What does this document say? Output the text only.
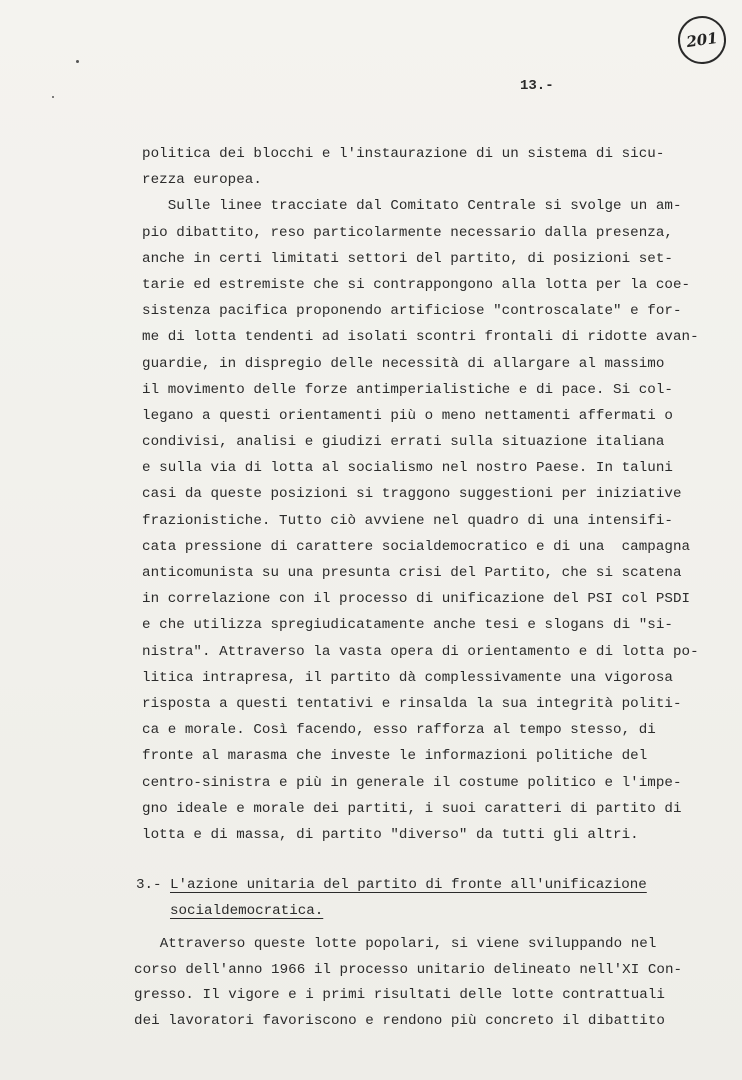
201
13.-
politica dei blocchi e l'instaurazione di un sistema di sicu-
rezza europea.
Sulle linee tracciate dal Comitato Centrale si svolge un am-
pio dibattito, reso particolarmente necessario dalla presenza,
anche in certi limitati settori del partito, di posizioni set-
tarie ed estremiste che si contrappongono alla lotta per la coe-
sistenza pacifica proponendo artificiose "controscalate" e for-
me di lotta tendenti ad isolati scontri frontali di ridotte avan-
guardie, in dispregio delle necessità di allargare al massimo
il movimento delle forze antimperialistiche e di pace. Si col-
legano a questi orientamenti più o meno nettamenti affermati o
condivisi, analisi e giudizi errati sulla situazione italiana
e sulla via di lotta al socialismo nel nostro Paese. In taluni
casi da queste posizioni si traggono suggestioni per iniziative
frazionistiche. Tutto ciò avviene nel quadro di una intensifi-
cata pressione di carattere socialdemocratico e di una  campagna
anticomunista su una presunta crisi del Partito, che si scatena
in correlazione con il processo di unificazione del PSI col PSDI
e che utilizza spregiudicatamente anche tesi e slogans di "si-
nistra". Attraverso la vasta opera di orientamento e di lotta po-
litica intrapresa, il partito dà complessivamente una vigorosa
risposta a questi tentativi e rinsalda la sua integrità politi-
ca e morale. Così facendo, esso rafforza al tempo stesso, di
fronte al marasma che investe le informazioni politiche del
centro-sinistra e più in generale il costume politico e l'impe-
gno ideale e morale dei partiti, i suoi caratteri di partito di
lotta e di massa, di partito "diverso" da tutti gli altri.
3.- L'azione unitaria del partito di fronte all'unificazione
socialdemocratica.
Attraverso queste lotte popolari, si viene sviluppando nel
corso dell'anno 1966 il processo unitario delineato nell'XI Con-
gresso. Il vigore e i primi risultati delle lotte contrattuali
dei lavoratori favoriscono e rendono più concreto il dibattito
